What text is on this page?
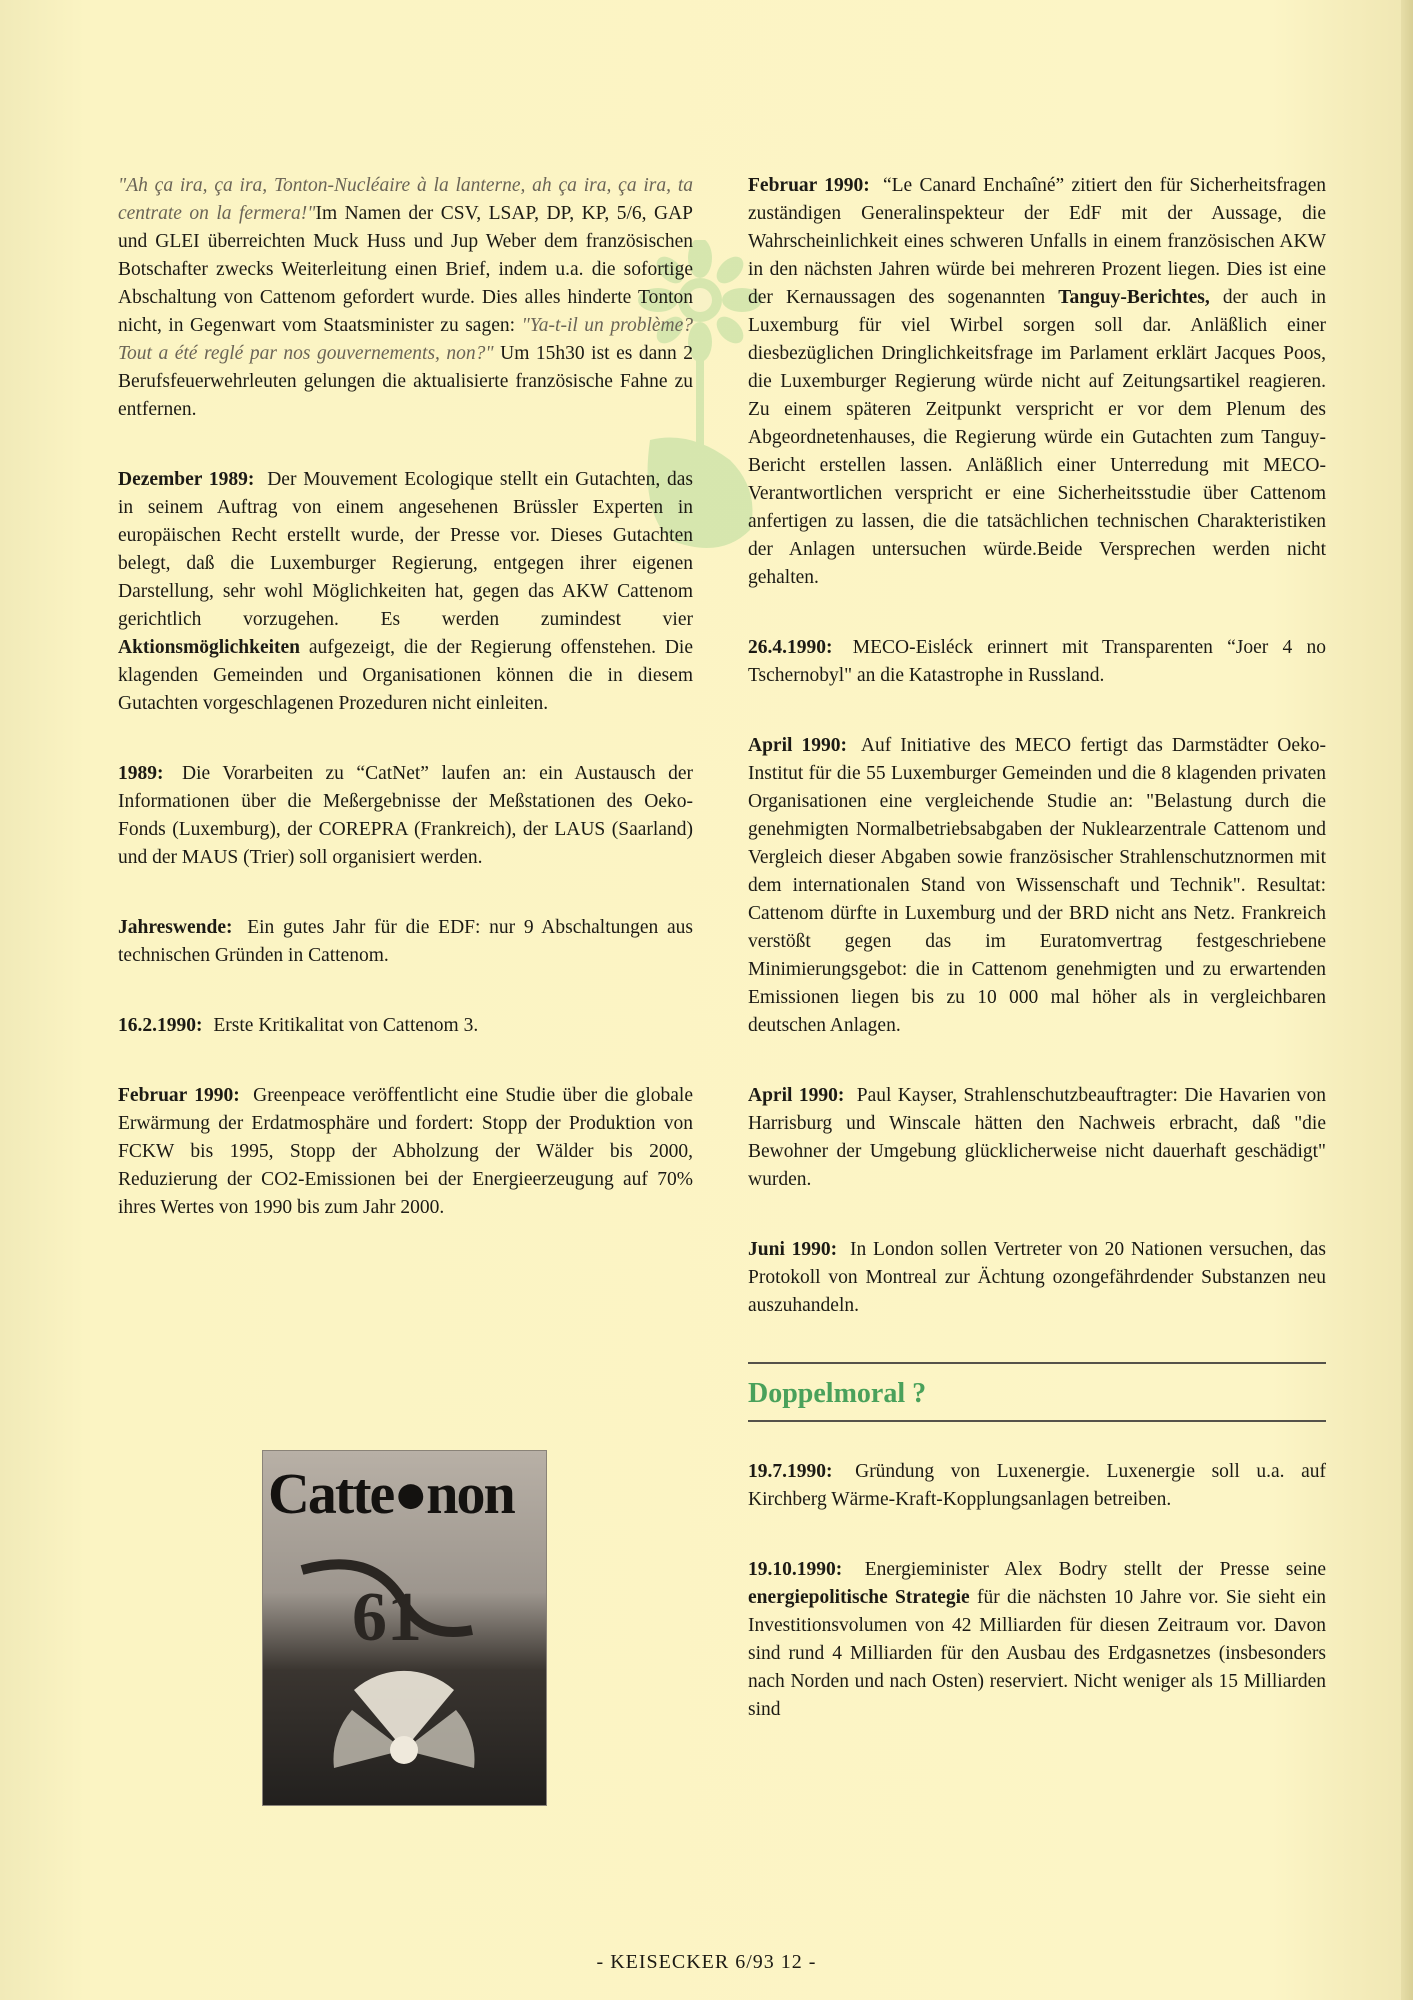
"Ah ça ira, ça ira, Tonton-Nucléaire à la lanterne, ah ça ira, ça ira, ta centrate on la fermera!"Im Namen der CSV, LSAP, DP, KP, 5/6, GAP und GLEI überreichten Muck Huss und Jup Weber dem französischen Botschafter zwecks Weiterleitung einen Brief, indem u.a. die sofortige Abschaltung von Cattenom gefordert wurde. Dies alles hinderte Tonton nicht, in Gegenwart vom Staatsminister zu sagen: "Ya-t-il un problème? Tout a été reglé par nos gouvernements, non?" Um 15h30 ist es dann 2 Berufsfeuerwehrleuten gelungen die aktualisierte französische Fahne zu entfernen.

Dezember 1989: Der Mouvement Ecologique stellt ein Gutachten, das in seinem Auftrag von einem angesehenen Brüssler Experten in europäischen Recht erstellt wurde, der Presse vor. Dieses Gutachten belegt, daß die Luxemburger Regierung, entgegen ihrer eigenen Darstellung, sehr wohl Möglichkeiten hat, gegen das AKW Cattenom gerichtlich vorzugehen. Es werden zumindest vier Aktionsmöglichkeiten aufgezeigt, die der Regierung offenstehen. Die klagenden Gemeinden und Organisationen können die in diesem Gutachten vorgeschlagenen Prozeduren nicht einleiten.

1989: Die Vorarbeiten zu “CatNet” laufen an: ein Austausch der Informationen über die Meßergebnisse der Meßstationen des Oeko-Fonds (Luxemburg), der COREPRA (Frankreich), der LAUS (Saarland) und der MAUS (Trier) soll organisiert werden.

Jahreswende: Ein gutes Jahr für die EDF: nur 9 Abschaltungen aus technischen Gründen in Cattenom.

16.2.1990: Erste Kritikalitat von Cattenom 3.

Februar 1990: Greenpeace veröffentlicht eine Studie über die globale Erwärmung der Erdatmosphäre und fordert: Stopp der Produktion von FCKW bis 1995, Stopp der Abholzung der Wälder bis 2000, Reduzierung der CO2-Emissionen bei der Energieerzeugung auf 70% ihres Wertes von 1990 bis zum Jahr 2000.

Catte●non
61

Februar 1990: “Le Canard Enchaîné” zitiert den für Sicherheitsfragen zuständigen Generalinspekteur der EdF mit der Aussage, die Wahrscheinlichkeit eines schweren Unfalls in einem französischen AKW in den nächsten Jahren würde bei mehreren Prozent liegen. Dies ist eine der Kernaussagen des sogenannten Tanguy-Berichtes, der auch in Luxemburg für viel Wirbel sorgen soll dar. Anläßlich einer diesbezüglichen Dringlichkeitsfrage im Parlament erklärt Jacques Poos, die Luxemburger Regierung würde nicht auf Zeitungsartikel reagieren. Zu einem späteren Zeitpunkt verspricht er vor dem Plenum des Abgeordnetenhauses, die Regierung würde ein Gutachten zum Tanguy-Bericht erstellen lassen. Anläßlich einer Unterredung mit MECO-Verantwortlichen verspricht er eine Sicherheitsstudie über Cattenom anfertigen zu lassen, die die tatsächlichen technischen Charakteristiken der Anlagen untersuchen würde.Beide Versprechen werden nicht gehalten.

26.4.1990: MECO-Eisléck erinnert mit Transparenten “Joer 4 no Tschernobyl" an die Katastrophe in Russland.

April 1990: Auf Initiative des MECO fertigt das Darmstädter Oeko-Institut für die 55 Luxemburger Gemeinden und die 8 klagenden privaten Organisationen eine vergleichende Studie an: "Belastung durch die genehmigten Normalbetriebsabgaben der Nuklearzentrale Cattenom und Vergleich dieser Abgaben sowie französischer Strahlenschutznormen mit dem internationalen Stand von Wissenschaft und Technik". Resultat: Cattenom dürfte in Luxemburg und der BRD nicht ans Netz. Frankreich verstößt gegen das im Euratomvertrag festgeschriebene Minimierungsgebot: die in Cattenom genehmigten und zu erwartenden Emissionen liegen bis zu 10 000 mal höher als in vergleichbaren deutschen Anlagen.

April 1990: Paul Kayser, Strahlenschutzbeauftragter: Die Havarien von Harrisburg und Winscale hätten den Nachweis erbracht, daß "die Bewohner der Umgebung glücklicherweise nicht dauerhaft geschädigt" wurden.

Juni 1990: In London sollen Vertreter von 20 Nationen versuchen, das Protokoll von Montreal zur Ächtung ozongefährdender Substanzen neu auszuhandeln.

Doppelmoral ?

19.7.1990: Gründung von Luxenergie. Luxenergie soll u.a. auf Kirchberg Wärme-Kraft-Kopplungsanlagen betreiben.

19.10.1990: Energieminister Alex Bodry stellt der Presse seine energiepolitische Strategie für die nächsten 10 Jahre vor. Sie sieht ein Investitionsvolumen von 42 Milliarden für diesen Zeitraum vor. Davon sind rund 4 Milliarden für den Ausbau des Erdgasnetzes (insbesonders nach Norden und nach Osten) reserviert. Nicht weniger als 15 Milliarden sind

- KEISECKER 6/93 12 -
